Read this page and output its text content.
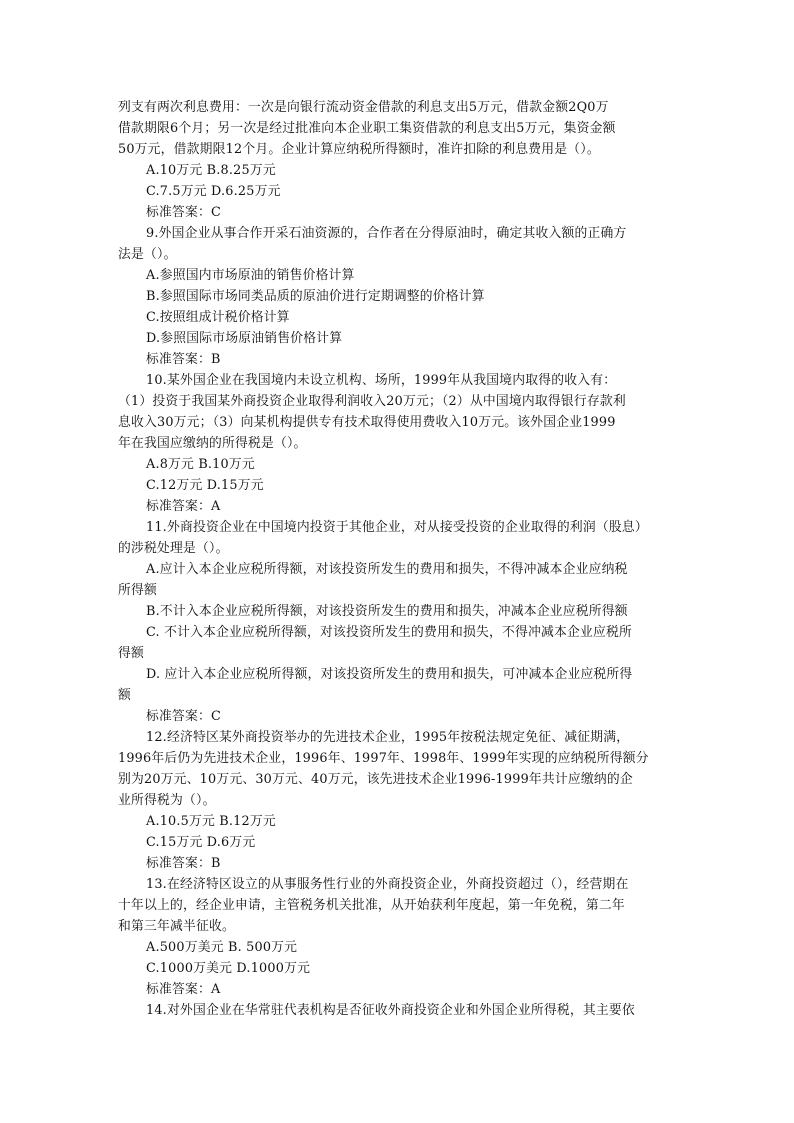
列支有两次利息费用：一次是向银行流动资金借款的利息支出5万元，借款金额2Q0万
借款期限6个月；另一次是经过批准向本企业职工集资借款的利息支出5万元，集资金额
50万元，借款期限12个月。企业计算应纳税所得额时，准许扣除的利息费用是（）。
A.10万元 B.8.25万元
C.7.5万元 D.6.25万元
标准答案：C
9.外国企业从事合作开采石油资源的，合作者在分得原油时，确定其收入额的正确方
法是（）。
A.参照国内市场原油的销售价格计算
B.参照国际市场同类品质的原油价进行定期调整的价格计算
C.按照组成计税价格计算
D.参照国际市场原油销售价格计算
标准答案：B
10.某外国企业在我国境内未设立机构、场所，1999年从我国境内取得的收入有：
（1）投资于我国某外商投资企业取得利润收入20万元；（2）从中国境内取得银行存款利
息收入30万元；（3）向某机构提供专有技术取得使用费收入10万元。该外国企业1999
年在我国应缴纳的所得税是（）。
A.8万元 B.10万元
C.12万元 D.15万元
标准答案：A
11.外商投资企业在中国境内投资于其他企业，对从接受投资的企业取得的利润（股息）
的涉税处理是（）。
A.应计入本企业应税所得额，对该投资所发生的费用和损失，不得冲减本企业应纳税
所得额
B.不计入本企业应税所得额，对该投资所发生的费用和损失，冲减本企业应税所得额
C. 不计入本企业应税所得额，对该投资所发生的费用和损失，不得冲减本企业应税所
得额
D. 应计入本企业应税所得额，对该投资所发生的费用和损失，可冲减本企业应税所得
额
标准答案：C
12.经济特区某外商投资举办的先进技术企业，1995年按税法规定免征、减征期满，
1996年后仍为先进技术企业，1996年、1997年、1998年、1999年实现的应纳税所得额分
别为20万元、10万元、30万元、40万元，该先进技术企业1996-1999年共计应缴纳的企
业所得税为（）。
A.10.5万元 B.12万元
C.15万元 D.6万元
标准答案：B
13.在经济特区设立的从事服务性行业的外商投资企业，外商投资超过（），经营期在
十年以上的，经企业申请，主管税务机关批准，从开始获利年度起，第一年免税，第二年
和第三年减半征收。
A.500万美元 B. 500万元
C.1000万美元 D.1000万元
标准答案：A
14.对外国企业在华常驻代表机构是否征收外商投资企业和外国企业所得税，其主要依
